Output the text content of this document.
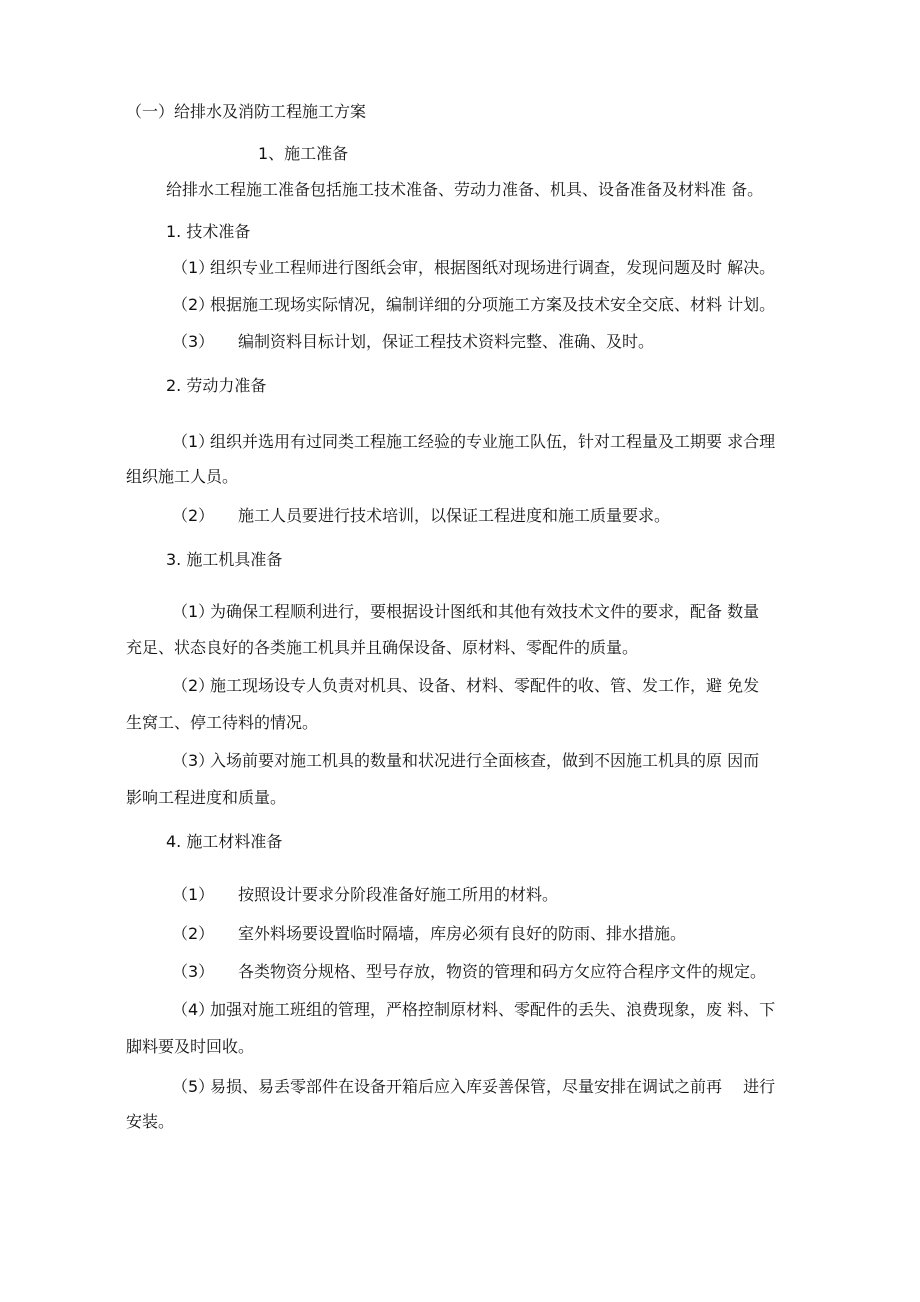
（一）给排水及消防工程施工方案
1、施工准备
给排水工程施工准备包括施工技术准备、劳动力准备、机具、设备准备及材料准 备。
1. 技术准备
（1）组织专业工程师进行图纸会审，根据图纸对现场进行调查，发现问题及时 解决。
（2）根据施工现场实际情况，编制详细的分项施工方案及技术安全交底、材料 计划。
（3） 编制资料目标计划，保证工程技术资料完整、准确、及时。
2. 劳动力准备
（1）组织并选用有过同类工程施工经验的专业施工队伍，针对工程量及工期要 求合理
组织施工人员。
（2） 施工人员要进行技术培训，以保证工程进度和施工质量要求。
3. 施工机具准备
（1）为确保工程顺利进行，要根据设计图纸和其他有效技术文件的要求，配备 数量
充足、状态良好的各类施工机具并且确保设备、原材料、零配件的质量。
（2）施工现场设专人负责对机具、设备、材料、零配件的收、管、发工作，避 免发
生窝工、停工待料的情况。
（3）入场前要对施工机具的数量和状况进行全面核查，做到不因施工机具的原 因而
影响工程进度和质量。
4. 施工材料准备
（1） 按照设计要求分阶段准备好施工所用的材料。
（2） 室外料场要设置临时隔墙，库房必须有良好的防雨、排水措施。
（3） 各类物资分规格、型号存放，物资的管理和码方攵应符合程序文件的规定。
（4）加强对施工班组的管理，严格控制原材料、零配件的丢失、浪费现象，废 料、下
脚料要及时回收。
（5）易损、易丢零部件在设备开箱后应入库妥善保管，尽量安排在调试之前再　 进行
安装。
